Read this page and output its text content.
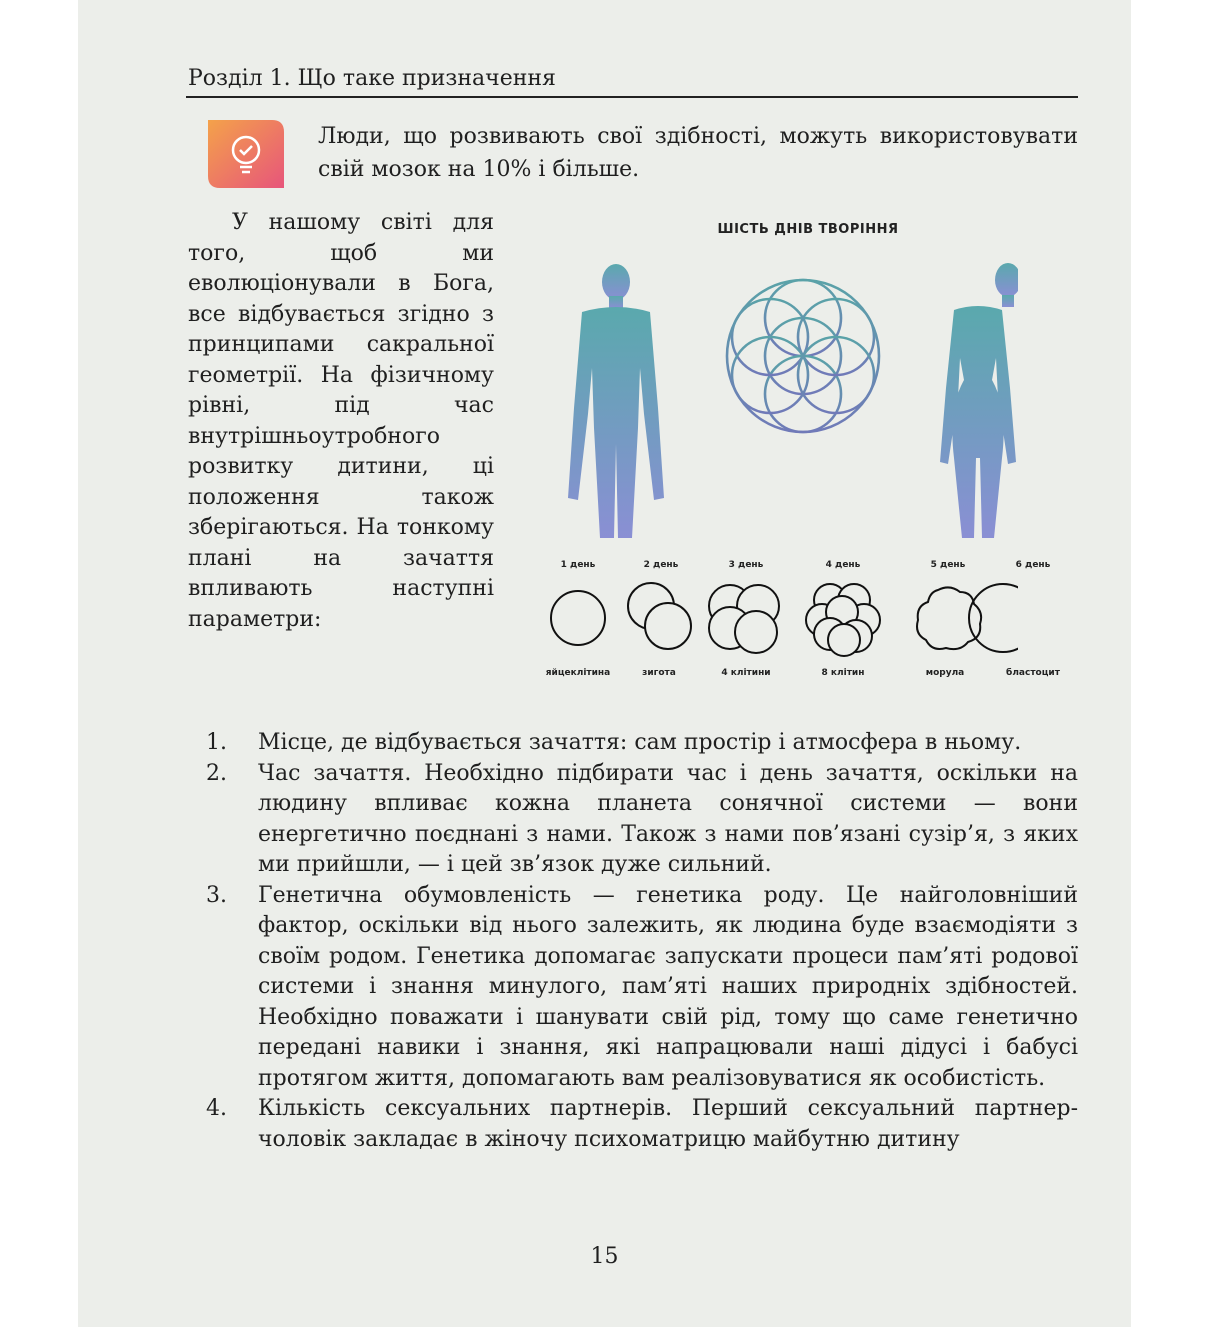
Розділ 1. Що таке призначення
Люди, що розвивають свої здібності, можуть використовувати свій мозок на 10% і більше.
У нашому світі для того, щоб ми еволюціонували в Бога, все відбувається згідно з принципами сакральної геометрії. На фізичному рівні, під час внутрішньоутробного розвитку дитини, ці положення також зберігаються. На тонкому плані на зачаття впливають наступні параметри:
ШІСТЬ ДНІВ ТВОРІННЯ
1 день	2 день	3 день	4 день	5 день	6 день
яйцеклітина	зигота	4 клітини	8 клітин	морула	бластоцит
1.	Місце, де відбувається зачаття: сам простір і атмосфера в ньому.
2.	Час зачаття. Необхідно підбирати час і день зачаття, оскільки на людину впливає кожна планета сонячної системи — вони енергетично поєднані з нами. Також з нами пов’язані сузір’я, з яких ми прийшли, — і цей зв’язок дуже сильний.
3.	Генетична обумовленість — генетика роду. Це найголовніший фактор, оскільки від нього залежить, як людина буде взаємодіяти з своїм родом. Генетика допомагає запускати процеси пам’яті родової системи і знання минулого, пам’яті наших природніх здібностей. Необхідно поважати і шанувати свій рід, тому що саме генетично передані навики і знання, які напрацювали наші дідусі і бабусі протягом життя, допомагають вам реалізовуватися як особистість.
4.	Кількість сексуальних партнерів. Перший сексуальний партнер-чоловік закладає в жіночу психоматрицю майбутню дитину
15
